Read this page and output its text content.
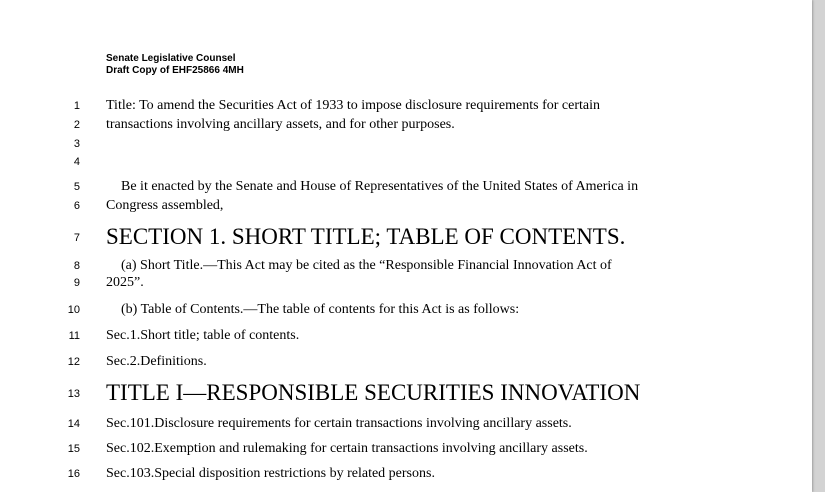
Senate Legislative Counsel
Draft Copy of EHF25866 4MH
1 Title: To amend the Securities Act of 1933 to impose disclosure requirements for certain
2 transactions involving ancillary assets, and for other purposes.
3
4
5	Be it enacted by the Senate and House of Representatives of the United States of America in
6 Congress assembled,
7 SECTION 1. SHORT TITLE; TABLE OF CONTENTS.
8	(a) Short Title.—This Act may be cited as the “Responsible Financial Innovation Act of
9 2025”.
10	(b) Table of Contents.—The table of contents for this Act is as follows:
11 Sec.1.Short title; table of contents.
12 Sec.2.Definitions.
13 TITLE I—RESPONSIBLE SECURITIES INNOVATION
14 Sec.101.Disclosure requirements for certain transactions involving ancillary assets.
15 Sec.102.Exemption and rulemaking for certain transactions involving ancillary assets.
16 Sec.103.Special disposition restrictions by related persons.
